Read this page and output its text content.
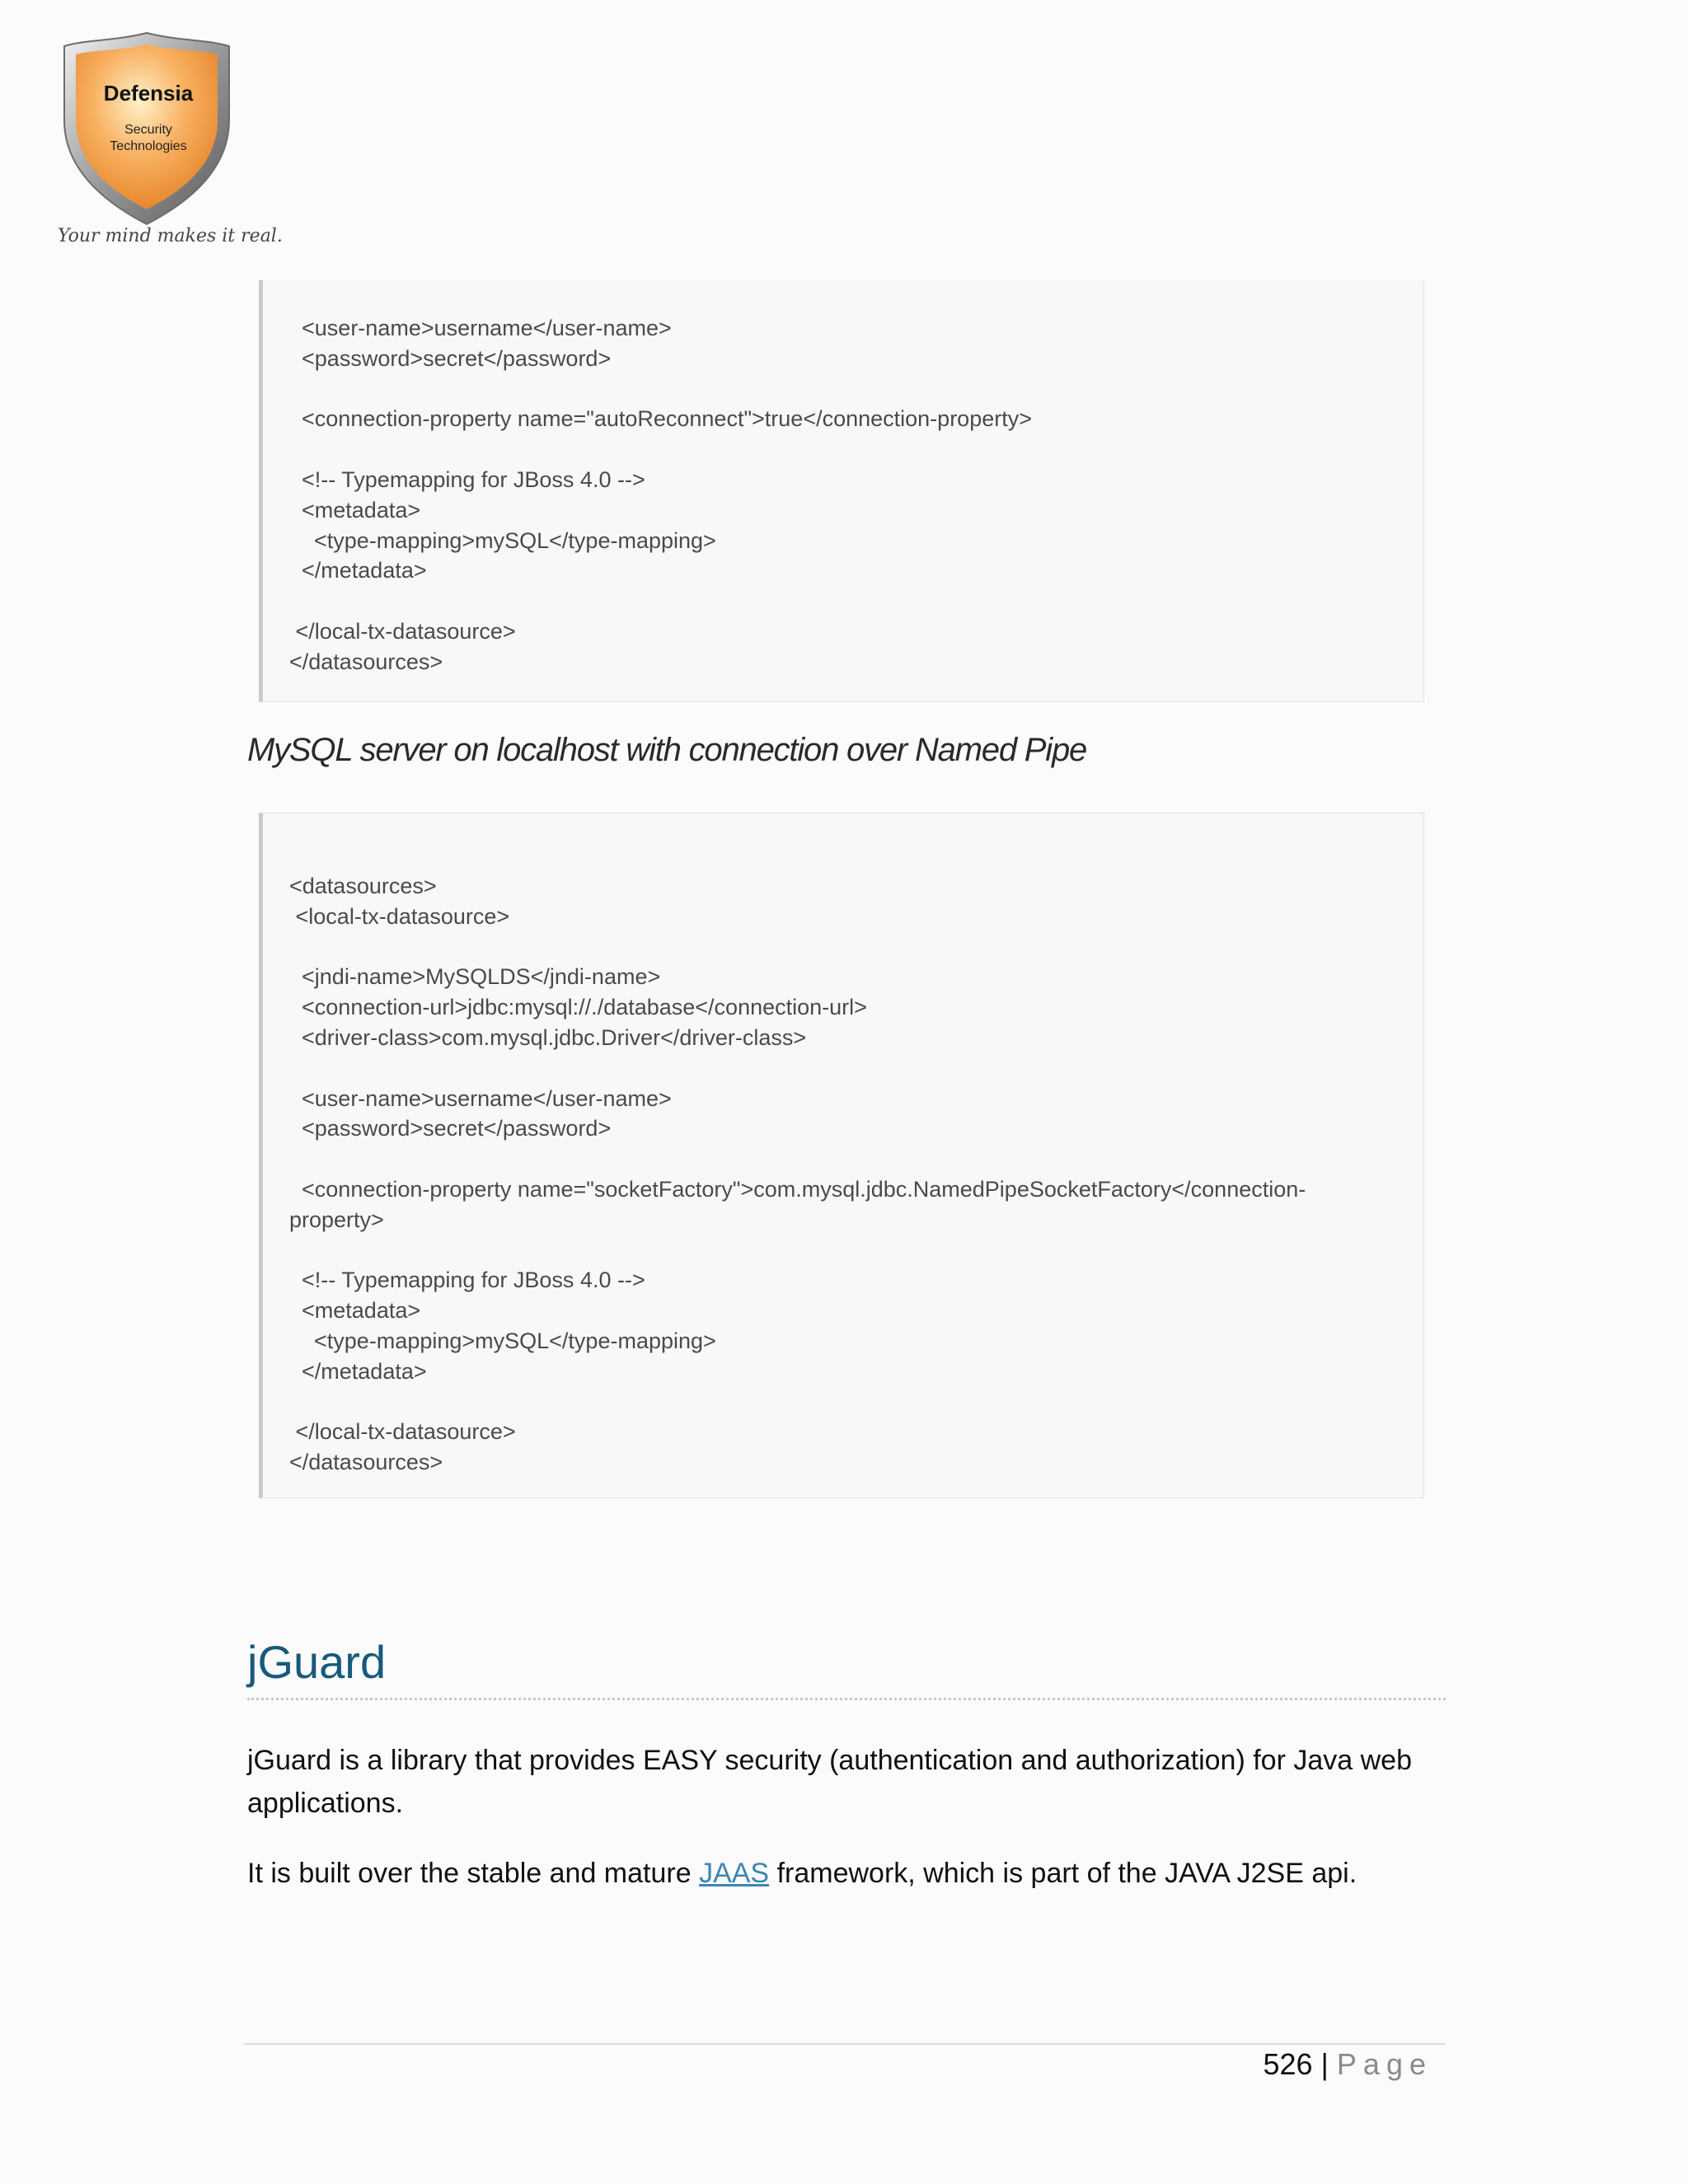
Defensia
Security
Technologies
Your mind makes it real.
<user-name>username</user-name>
<password>secret</password>

<connection-property name="autoReconnect">true</connection-property>

<!-- Typemapping for JBoss 4.0 -->
<metadata>
<type-mapping>mySQL</type-mapping>
</metadata>

</local-tx-datasource>
</datasources>
MySQL server on localhost with connection over Named Pipe
<datasources>
<local-tx-datasource>

<jndi-name>MySQLDS</jndi-name>
<connection-url>jdbc:mysql://./database</connection-url>
<driver-class>com.mysql.jdbc.Driver</driver-class>

<user-name>username</user-name>
<password>secret</password>

<connection-property name="socketFactory">com.mysql.jdbc.NamedPipeSocketFactory</connection-
property>

<!-- Typemapping for JBoss 4.0 -->
<metadata>
<type-mapping>mySQL</type-mapping>
</metadata>

</local-tx-datasource>
</datasources>
jGuard

jGuard is a library that provides EASY security (authentication and authorization) for Java web applications.

It is built over the stable and mature JAAS framework, which is part of the JAVA J2SE api.

526 | Page
